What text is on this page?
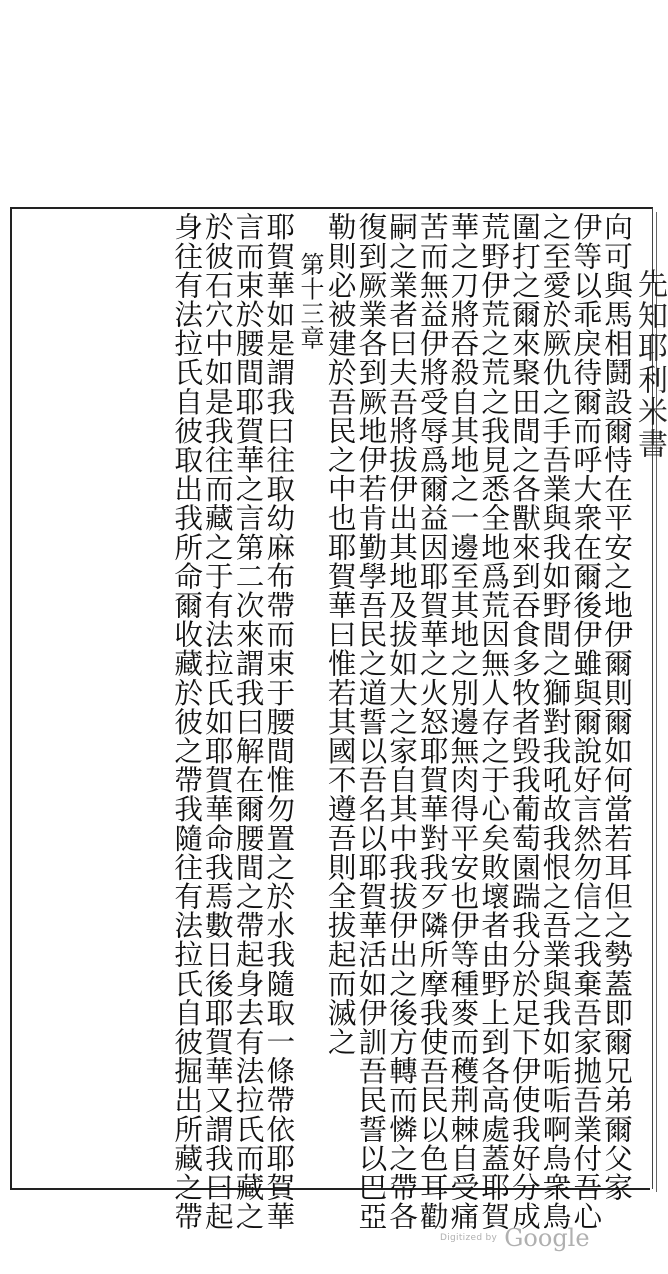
先知耶利米書
向可與馬相鬪設爾恃在平安之地伊爾則爾如何當若耳但之勢蓋即爾兄弟爾父家
伊等以乖戾待爾而呼大衆在爾後伊雖與爾說好言然勿信之我棄吾家拋吾業付吾心
之至愛於厥仇之手吾業與我如野間之獅對我吼故我恨之吾業與我如㖃㖃啊鳥衆鳥
圍打之爾來聚田間之各獸來到吞食多牧者毁我葡萄園踹我分於足下伊使我好分成
荒野伊荒之荒之我見悉全地爲荒因無人存之于心矣敗壞者由野上到各高處蓋耶賀
華之刀將吞殺自其地之一邊至其地之別邊無肉得平安也伊等種麥而穫荆棘自受痛
苦而無益伊將受辱爲爾益因耶賀華之火怒耶賀華對我歹隣所摩我使吾民以色耳勸
嗣之業者曰夫吾將拔伊出其地及拔如大之家自其中我拔伊出之後方轉而憐之帶各
復到厥業各到厥地伊若肯勤學吾民之道誓以吾名以耶賀華活如伊訓吾民誓以巴亞
勒則必被建於吾民之中也耶賀華曰惟若其國不遵吾則全拔起而滅之
第十三章
耶賀華如是謂我曰往取幼麻布帶而束于腰間惟勿置之於水我隨取一條帶依耶賀華
言而束於腰間耶賀華之言第二次來謂我曰解在爾腰間之帶起身去有法拉氏而藏之
於彼石穴中如是我往而藏之于有法拉氏如耶賀華命我焉數日後耶賀華又謂我曰起
身往有法拉氏自彼取出我所命爾收藏於彼之帶我隨往有法拉氏自彼掘出所藏之帶
Digitized by Google
